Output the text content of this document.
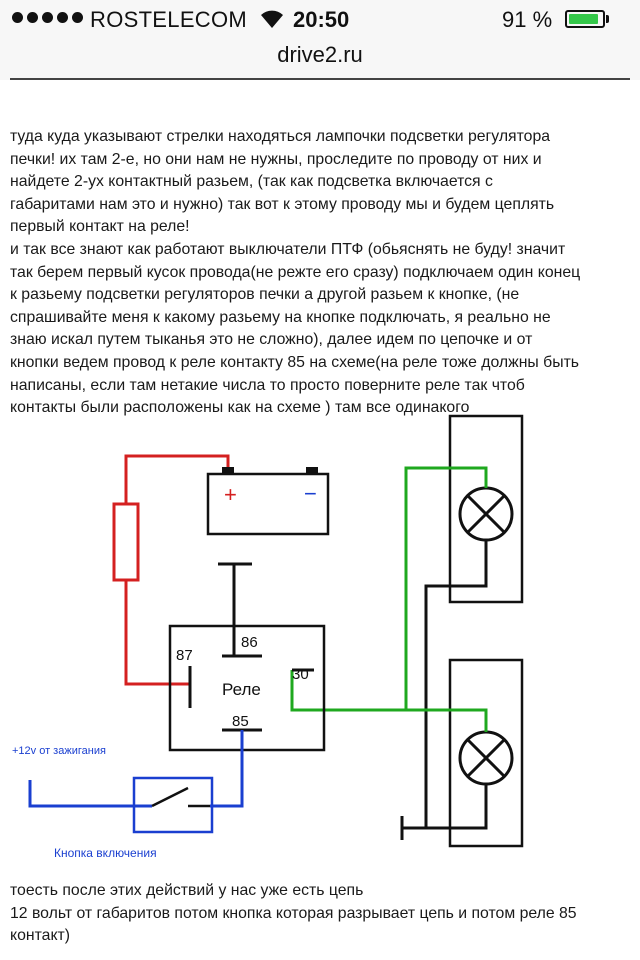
ROSTELECOM 20:50	91 %
drive2.ru

туда куда указывают стрелки находяться лампочки подсветки регулятора
печки! их там 2-е, но они нам не нужны, проследите по проводу от них и
найдете 2-ух контактный разьем, (так как подсветка включается с
габаритами нам это и нужно) так вот к этому проводу мы и будем цеплять
первый контакт на реле!
и так все знают как работают выключатели ПТФ (обьяснять не буду! значит
так берем первый кусок провода(не режте его сразу) подключаем один конец
к разьему подсветки регуляторов печки а другой разьем к кнопке, (не
спрашивайте меня к какому разьему на кнопке подключать, я реально не
знаю искал путем тыканья это не сложно), далее идем по цепочке и от
кнопки ведем провод к реле контакту 85 на схеме(на реле тоже должны быть
написаны, если там нетакие числа то просто поверните реле так чтоб
контакты были расположены как на схеме ) там все одинакого

+	−
Реле
86
87
30
85
+12v от зажигания
Кнопка включения

тоесть после этих действий у нас уже есть цепь
12 вольт от габаритов потом кнопка которая разрывает цепь и потом реле 85
контакт)
